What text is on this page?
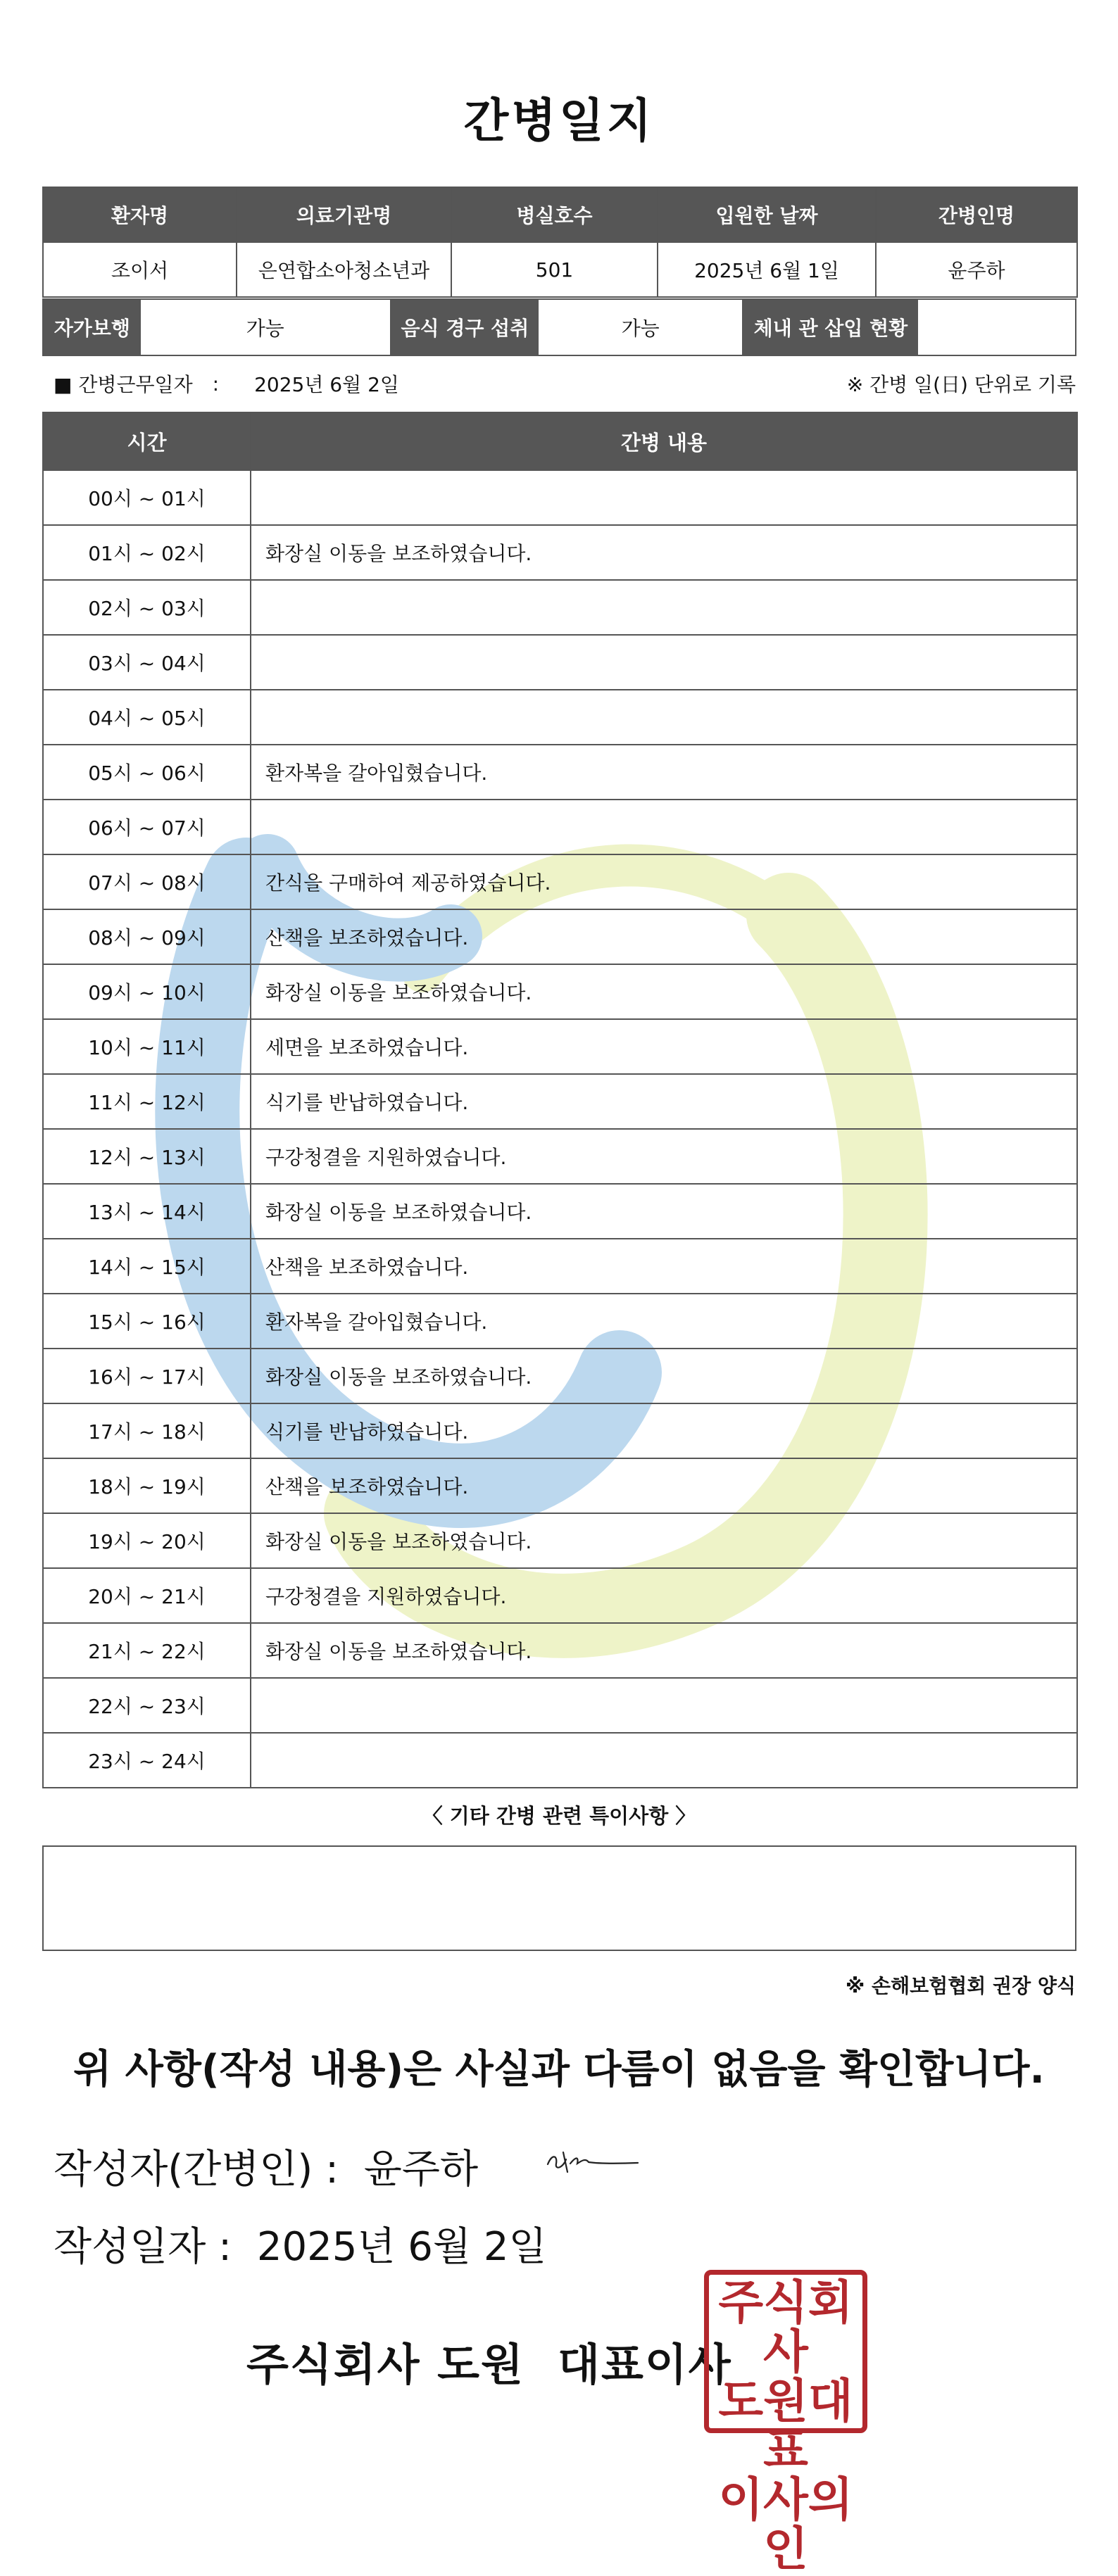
간병일지
환자명	의료기관명	병실호수	입원한 날짜	간병인명
조이서	은연합소아청소년과	501	2025년 6월 1일	윤주하
자가보행	가능	음식 경구 섭취	가능	체내 관 삽입 현황
■ 간병근무일자 : 2025년 6월 2일	※ 간병 일(日) 단위로 기록
시간	간병 내용
00시 ~ 01시	
01시 ~ 02시	화장실 이동을 보조하였습니다.
02시 ~ 03시	
03시 ~ 04시	
04시 ~ 05시	
05시 ~ 06시	환자복을 갈아입혔습니다.
06시 ~ 07시	
07시 ~ 08시	간식을 구매하여 제공하였습니다.
08시 ~ 09시	산책을 보조하였습니다.
09시 ~ 10시	화장실 이동을 보조하였습니다.
10시 ~ 11시	세면을 보조하였습니다.
11시 ~ 12시	식기를 반납하였습니다.
12시 ~ 13시	구강청결을 지원하였습니다.
13시 ~ 14시	화장실 이동을 보조하였습니다.
14시 ~ 15시	산책을 보조하였습니다.
15시 ~ 16시	환자복을 갈아입혔습니다.
16시 ~ 17시	화장실 이동을 보조하였습니다.
17시 ~ 18시	식기를 반납하였습니다.
18시 ~ 19시	산책을 보조하였습니다.
19시 ~ 20시	화장실 이동을 보조하였습니다.
20시 ~ 21시	구강청결을 지원하였습니다.
21시 ~ 22시	화장실 이동을 보조하였습니다.
22시 ~ 23시	
23시 ~ 24시	
〈 기타 간병 관련 특이사항 〉
※ 손해보험협회 권장 양식
위 사항(작성 내용)은 사실과 다름이 없음을 확인합니다.
작성자(간병인) : 윤주하
작성일자 : 2025년 6월 2일
주식회사 도원  대표이사
주식회사
도원대표
이사의인
